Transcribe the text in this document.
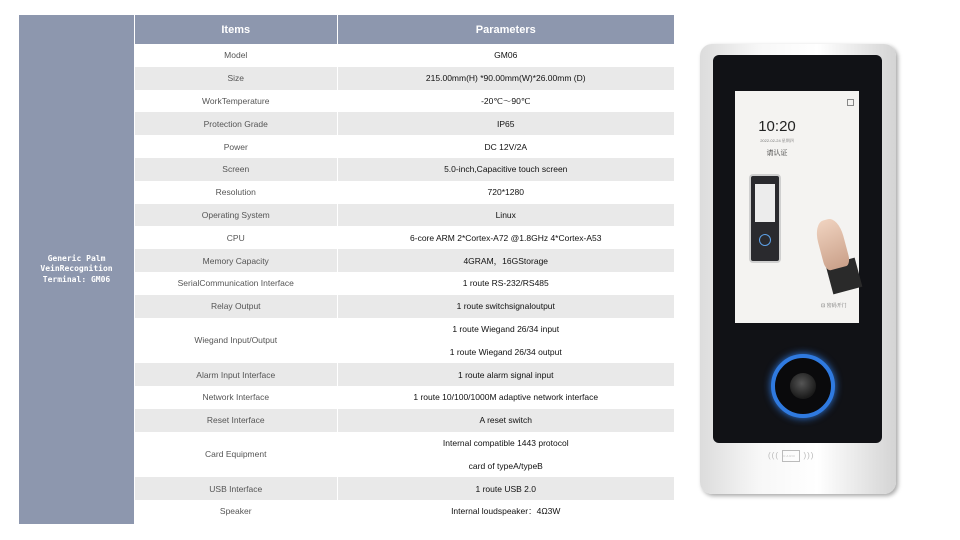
Generic Palm
VeinRecognition
Terminal: GM06
Items	Parameters
Model	GM06
Size	215.00mm(H) *90.00mm(W)*26.00mm (D)
WorkTemperature	-20℃～90℃
Protection Grade	IP65
Power	DC 12V/2A
Screen	5.0-inch,Capacitive touch screen
Resolution	720*1280
Operating System	Linux
CPU	6-core ARM 2*Cortex-A72 @1.8GHz 4*Cortex-A53
Memory Capacity	4GRAM，16GStorage
SerialCommunication Interface	1 route RS-232/RS485
Relay Output	1 route switchsignaloutput
Wiegand Input/Output	1 route Wiegand 26/34 input
	1 route Wiegand 26/34 output
Alarm Input Interface	1 route alarm signal input
Network Interface	1 route 10/100/1000M adaptive network interface
Reset Interface	A reset switch
Card Equipment	Internal compatible 1443 protocol
	card of typeA/typeB
USB Interface	1 route USB 2.0
Speaker	Internal loudspeaker：4Ω3W
10:20
2022-02-24 星期四
请认证
⊡ 密码开门
((( CARD )))
